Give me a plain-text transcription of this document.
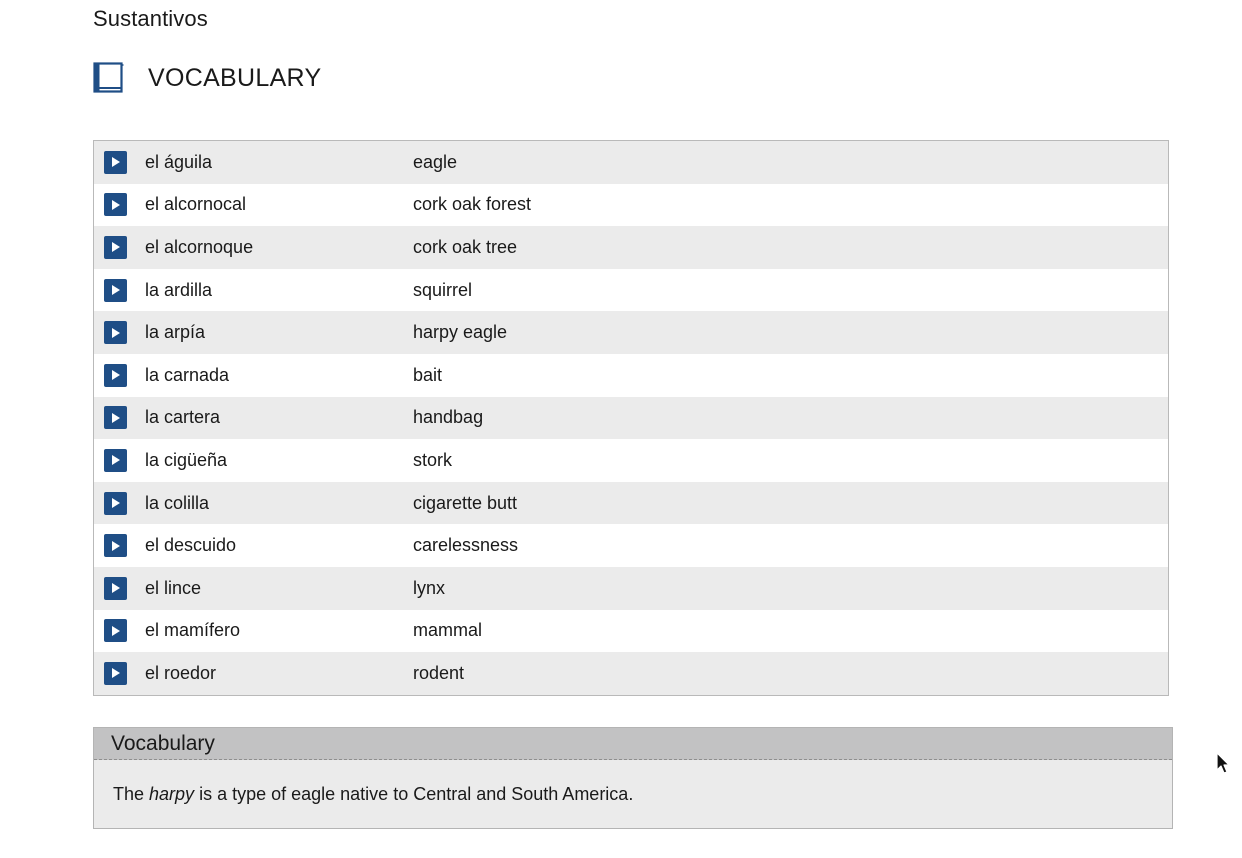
Sustantivos
VOCABULARY
el águila	eagle
el alcornocal	cork oak forest
el alcornoque	cork oak tree
la ardilla	squirrel
la arpía	harpy eagle
la carnada	bait
la cartera	handbag
la cigüeña	stork
la colilla	cigarette butt
el descuido	carelessness
el lince	lynx
el mamífero	mammal
el roedor	rodent
Vocabulary
The harpy is a type of eagle native to Central and South America.
